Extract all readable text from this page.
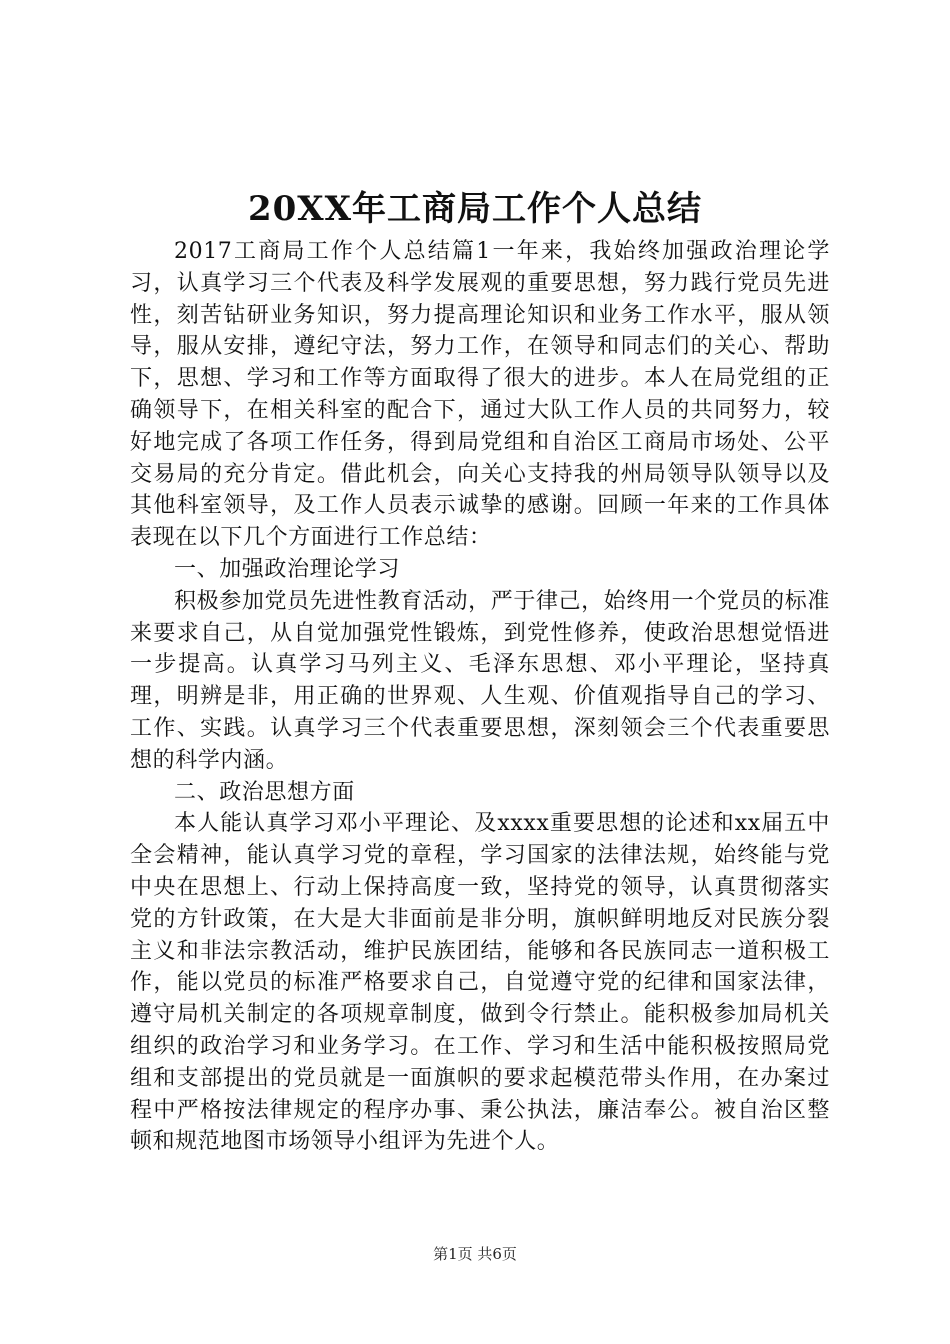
20XX年工商局工作个人总结

2017工商局工作个人总结篇1一年来，我始终加强政治理论学习，认真学习三个代表及科学发展观的重要思想，努力践行党员先进性，刻苦钻研业务知识，努力提高理论知识和业务工作水平，服从领导，服从安排，遵纪守法，努力工作，在领导和同志们的关心、帮助下，思想、学习和工作等方面取得了很大的进步。本人在局党组的正确领导下，在相关科室的配合下，通过大队工作人员的共同努力，较好地完成了各项工作任务，得到局党组和自治区工商局市场处、公平交易局的充分肯定。借此机会，向关心支持我的州局领导队领导以及其他科室领导，及工作人员表示诚挚的感谢。回顾一年来的工作具体表现在以下几个方面进行工作总结：

一、加强政治理论学习

积极参加党员先进性教育活动，严于律己，始终用一个党员的标准来要求自己，从自觉加强党性锻炼，到党性修养，使政治思想觉悟进一步提高。认真学习马列主义、毛泽东思想、邓小平理论，坚持真理，明辨是非，用正确的世界观、人生观、价值观指导自己的学习、工作、实践。认真学习三个代表重要思想，深刻领会三个代表重要思想的科学内涵。

二、政治思想方面

本人能认真学习邓小平理论、及xxxx重要思想的论述和xx届五中全会精神，能认真学习党的章程，学习国家的法律法规，始终能与党中央在思想上、行动上保持高度一致，坚持党的领导，认真贯彻落实党的方针政策，在大是大非面前是非分明，旗帜鲜明地反对民族分裂主义和非法宗教活动，维护民族团结，能够和各民族同志一道积极工作，能以党员的标准严格要求自己，自觉遵守党的纪律和国家法律，遵守局机关制定的各项规章制度，做到令行禁止。能积极参加局机关组织的政治学习和业务学习。在工作、学习和生活中能积极按照局党组和支部提出的党员就是一面旗帜的要求起模范带头作用，在办案过程中严格按法律规定的程序办事、秉公执法，廉洁奉公。被自治区整顿和规范地图市场领导小组评为先进个人。

第1页 共6页
